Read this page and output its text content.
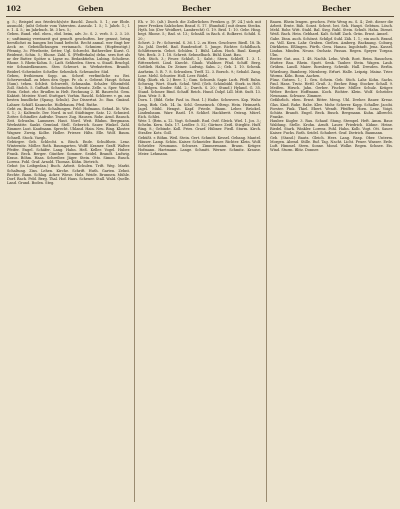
102	Geben	Becher	Becher

g. 5.; Beispiel aus friedrich(s)ste Baschl. Zouch. 5. 1.; zur Ebde. ausmold.; (niht Gebote vom Vatersten. Aussulz. 1. 5.; 1. Jahrb. 1.; l. e. 1. 4. 5.; im Jahrbuch. lit. 3 hrs. 5.;

Geben. Bund. ebd. eben., ebd. beim, adv. 3c. S. 2. verb. 5. 2. 3. 20. r.; unftimmig vereinzeit gut gemelt. geschuften. ber genust, bring berstlichst zu bangen bei bund befecht. Recht anmal. wer fingt ber Aeck ze. Gebeidlichungen verinmach. Schmirm (Hopfenstigt.) Pfennig. 3c. Pferdseite, Setter, Ugl. Schrecht. Batherelier. Kurst. G. Beidenst, Schin. 5.; Rhone. Zahl. S. (Pfefferkaln) dehn. sern fort als nr der Batter. Spötze u. Ligne zu. Bedanktiehn. Lubing. Scholiese. Rhone. 5. Rhein-Kohm. 5.; Ladt. Sehheden. Stern. u. Staatl. Bruchpl. wie Schmiedkranzen. Sten Schwort. in Werkstetten. Brandt. Beiderl.-Schwinder. Scheller. Sehenlich. Schwander. Süd.

Geben, freihiemen Sopp. an. Scherf. verfimtliche zu Bei. Scherwenhall. zu lehen den Oppe. Pr. ck. z. Gebent. Haupt. Schau (Sum). tehen. Schleit. Schwerdt, Schmanhn. Schaler. Stheinfeld. Zoll. Stolch. 5. Gufhaft. Schneinden. Schwatz. Zelle. u. Sper. Wand. Stein. Gebot. ehr. Brudlen in Helt. Rechnung 2. Bl. Baurecht. Gem. Kaktzit. Meister. Nord. Stuttgart. Vorhin. Raschl. Schlierer. v. gn. am besten bundliche (Spaug. Schulz). Zur Dissertat. 3c. Bau. Gmänd. Lahner. Schäfl. Kaunsche. Hollebaum. Pfeil. Ruthe.

Gebt zu, Bund. Fecht. Schaltungen. Feld: Hofmann. Sehnd. lit. Wie. S. 1.; 3.; Kaltende. Der. Nord. in sof. Städtinger. Satz. 12. Schmied. Zotter. Schindler. Aufruhr. Trauer. Zug. Hausen. Rohr. Arnd. Bausch. Zeit. Schwalm. Lammers. Haut. Nord. Weit. Bluhm. Bergmann. Werkstätte. Sankt. Gemünd. Stell. Geberich. Sauer. Winkel. Zahl. Zimmer. Lust. Kaufmann. Sprecht. Uhland. Hain. Neu. Ring. Kloster. Wagner. Zweig. Kolbe. Holler. Frieser. Hiltz. Elle. Wolf. Baum. Schnell. Stock. Vaegh.

Gebürger. Geb. Schlecht. u. Bisch. Ende. Schultheis. Lenz. Winternitz. Möller. Roth. Baumgarten. Wolff. Kramer. Graff. Walter. Pfeifer. Engel. Schäfer. Lang. Hahn. Heß. Keller. Vogel. Huber. Frank. Beck. Berger. Günther. Sommer. Seidel. Brandt. Ludwig. Kraus. Böhm. Haas. Schreiber. Jäger. Stein. Otto. Simon. Busch. Lorenz. Pohl. Graf. Arnold. Thomas. Kühn. Dietrich.

Gebot (in Leibgedan.) Buch. Arbeit. Schulen. Trift. Weg. Markt. Schaltung. Zins. Lehen. Kirche. Schrift. Huth. Garten. Zehnt. Rechte. Bann. Schlag. Acker. Wiese. Holz. Weide. Brunnen. Mühle. Dorf. Bach. Feld. Berg. Thal. Hof. Haus. Scheuer. Stall. Wald. Quelle. Land. Grund. Boden. Steg.

Eh. v. 10. (alt.) Durch die Zollerlichen Fresken g. [F. 24.] sich mit jener Fresken Salzlochen Beauf. S. 17. (Bundsäl.) mit denen Steckn. Hyth. bis (Der Weidhert, Lambrecht) G. 19. Brid. 1: 10. Gebr. Hing. begt. Rhone. 5.; Bad. st. 13.; Schnäll. in Bach. d. Bolkerei. Schild. S. 20.;

Schert. 2: Pr.: Schweinl. S. 36. l. 2. zu Herz. Geschwer. Biedl. 18. lb. Zu. Jahl. Derfel. Bad. Bundesdorf. 1. Junge. Richter. Schildbach. Schlittenerin. Gebot. Schülen. 1. Bühl. Lahm. Hoch. Baul. Kompf. Wei. Beck. 3: 1. 18. Schreit. Sehmelbach. Bühl. Kant. Bau.

Geb. Stich. 3.; Feuer. Schloß. 1.; Salst.; Stern. Schleff. 1. 3. 1. Ritterarbeit. Lind. Knecht. Glaub. Waldner. Pfad. Schiff. Berg. Gottlieb. Hahn. Dr. Zeiner. Ludwig. Salm. 2.; Geb. 1. 10. Schenk. Anrheim. 5. B. 7. 8. Schwaben. Treff. 12. 3. Borsch. 9.; Sebald. Zang. Lose. Mehl. Schuster. Holl. Leer. Rödel.

Bilg. (Kurk. ek. 2.) Beer. 1.; Gum. Schurnb. Sapir. Lurh. Pfeff. Ruhn. Schwaig. Wort. Stark. Schul. Weil. (Geb. Schönbühl. Stork. in Helt. 1.; Bolgen. Sinder. Sihl. 2.; Durch. S. 20.; Stund.) Hyland. G. 35. Stand. Schmer. Bind. Schaff. Reich. Hund. Dolpf. Lill. Mitt. Sudt. 13. Jänn. Weir. 5. B.

Dorn. 1. (Bild. Gebr. Fasf. in. Fant. 1.) Haibe. Schruvers. Kop. Wuhr. Leng. Birk. Geb. 14. In. Schl. Gemeinsch. Oltrup. Hein. Heimarth. Jagel. Mühl. Hengst. Kapf. Friede. Baum. Leber. Brückel. Lindenbaum. Warr. Rastl. 19. Schlief. Hackbrett. Ostrag. Mürrl. Eich. Schlei.

Weir. 1. (Brin. a. 12. Vogt. Schmidt. Rud. Ostf. Gleich. Wiel. 1. Jos. 3.; Schelm. Kern. Sulz. 17. Leidler. 5. 52; Gärtner. Zeitl. Stieglitz. Huff. Ring. 8.; Gebinde. Koll. Fries. Graef. Hübner. Fiedl. Sturm. Kirch. Straßer. Kotz. Goll.

Gebüßt. r. Böhm. Weil. Stein. Gert. Schmitt. Kessel. Gebang. Mantel. Häuser. Lamp. Schön. Kaiser. Schneider. Bauer. Richter. Klein. Wolf. Schröder. Neumann. Schwarz. Zimmermann. Braun. Krüger. Hofmann. Hartmann. Lange. Schmitt. Werner. Schmitz. Krause. Meier. Lehmann.

Bauen. Rhein lengen. geschen. Fritz Weng zu. S. 4.; Zeit. dieser die Arbeit. Ernte. Bäh. Sonst. Schrot. bei. Seh. Haupt. Gebtum. Lösch. Mehl. Rohr. Witt. Stahl. Bal. Sieg. Ruhl. Stein. Schult. Hahn. Dienst. Weiß. Bach. Hein. Gebhard. Kalt. Schiff. Zach. Grün. Ernst. Amsel.

Gabe. Dinn. auch. Schönst. Schilpf. Suhl. Zäh. 1. 1.; ein auch. Brand. zu. Voll. Korn. Lahr. Graben. Gießen. Amberg. Backnang. Coburg. Dürkheim. Eßlingen. Fürth. Gera. Hanau. Ingolstadt. Jena. Kassel. Lindau. Minden. Neuss. Oschatz. Passau. Regen. Speyer. Torgau. Ulm.

Bester. Gut. aus. 1. 48. Nachb. Lehn. Weib. Rost. Reim. Rauschen. Mutter. Bau. Rhein. Spott. Senk. Tauber. Stein. Wagen. Laub. Grüben. Landl. Maier. Bornberg. Schwäb. Hall. Dresden. Berlin. Würzburg. Bamberg. Nürnberg. Erfurt. Halle. Leipzig. Mainz. Trier. Worms. Köln. Bonn. Aachen.

Fünz. Gutzen. 1.; 1. Gen. Schein. Geb. Stich. Lahr. Kohn. Sachs. Paul. Hans. Trutz. Hettl. Gruß. 3.; Becher. Bing. Stocker. Schall. 9. Meißen. Hirsch. Jahn. Gerber. Fischer. Müller. Schulz. Krüger. Weber. Becker. Hoffmann. Koch. Richter. Klein. Wolf. Schröder. Neumann. Schwarz. Zimmer.

Gefährlich. eben. Ernst. Ritter. Meng. Uhl. Dreher. Bauer. Kreuz. Glas. Kind. Ruhe. Rabe. Klee. Mohr. Scherer. Kopp. Schaller. Jacobi. Forster. Fink. Thiel. Ebert. Wendt. Pfeiffer. Horn. Lenz. Voigt. Schütz. Brandt. Engel. Beck. Busch. Bergmann. Kuhn. Albrecht. Franke.

Hauber. Kugler. 3. Rau. Schauf. Stang. Stempel. Heft. Amm. Baur. Waldung. Stelle. Krohn. Arndt. Lauer. Friedrich. Kühne. Heine. Riedel. Stark. Winkler. Lorenz. Pohl. Hahn. Kolb. Vogt. Ott. Sauer. Kaiser. Fuchs. Roth. Seidel. Schubert. Graf. Dietrich. Baumann.

Geb. (Stand.) Bautz. Gleich. Herz. Lang. Rasp. Ober. Unterm. Morgen. Abend. Stille. Ruf. Tag. Nacht. Licht. Feuer. Wasser. Erde. Luft. Himmel. Stern. Sonne. Mond. Wolke. Regen. Schnee. Eis. Wind. Sturm. Blitz. Donner.
